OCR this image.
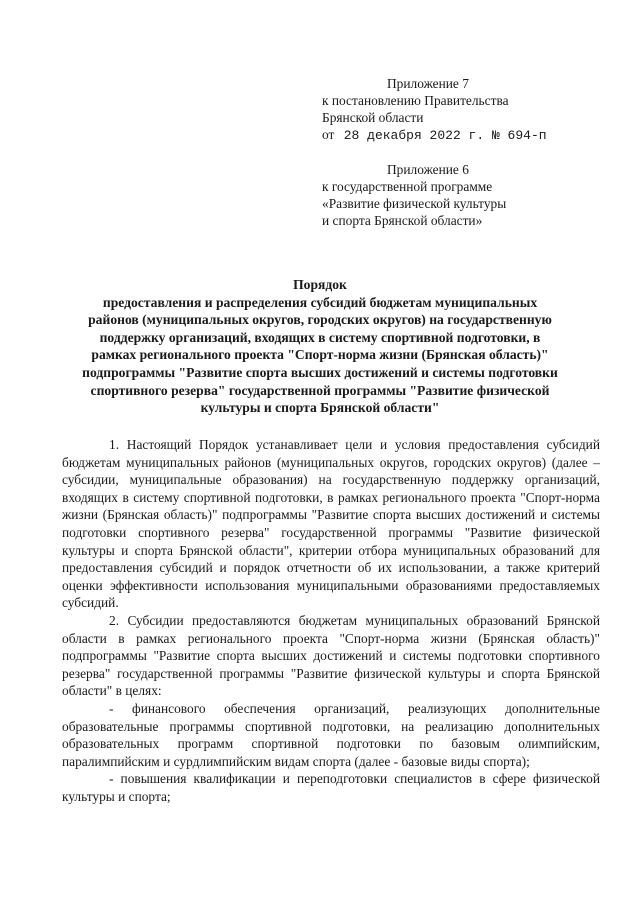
Приложение 7
к постановлению Правительства
Брянской области
от 28 декабря 2022 г. № 694-п
Приложение 6
к государственной программе
«Развитие физической культуры
и спорта Брянской области»
Порядок
предоставления и распределения субсидий бюджетам муниципальных
районов (муниципальных округов, городских округов) на государственную
поддержку организаций, входящих в систему спортивной подготовки, в
рамках регионального проекта "Спорт-норма жизни (Брянская область)"
подпрограммы "Развитие спорта высших достижений и системы подготовки
спортивного резерва" государственной программы "Развитие физической
культуры и спорта Брянской области"

1. Настоящий Порядок устанавливает цели и условия предоставления субсидий бюджетам муниципальных районов (муниципальных округов, городских округов) (далее – субсидии, муниципальные образования) на государственную поддержку организаций, входящих в систему спортивной подготовки, в рамках регионального проекта "Спорт-норма жизни (Брянская область)" подпрограммы "Развитие спорта высших достижений и системы подготовки спортивного резерва" государственной программы "Развитие физической культуры и спорта Брянской области", критерии отбора муниципальных образований для предоставления субсидий и порядок отчетности об их использовании, а также критерий оценки эффективности использования муниципальными образованиями предоставляемых субсидий.

2. Субсидии предоставляются бюджетам муниципальных образований Брянской области в рамках регионального проекта "Спорт-норма жизни (Брянская область)" подпрограммы "Развитие спорта высших достижений и системы подготовки спортивного резерва" государственной программы "Развитие физической культуры и спорта Брянской области" в целях:

- финансового обеспечения организаций, реализующих дополнительные образовательные программы спортивной подготовки, на реализацию дополнительных образовательных программ спортивной подготовки по базовым олимпийским, паралимпийским и сурдлимпийским видам спорта (далее - базовые виды спорта);

- повышения квалификации и переподготовки специалистов в сфере физической культуры и спорта;
